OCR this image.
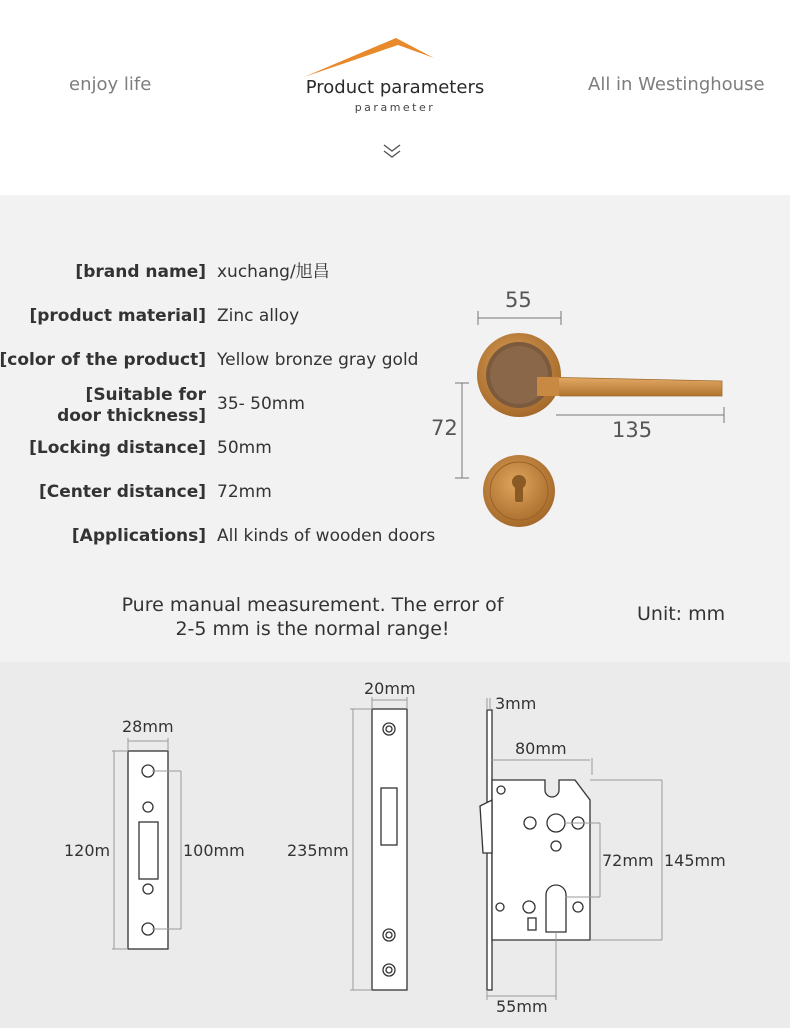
enjoy life	Product parameters
parameter
All in Westinghouse
[brand name] xuchang/旭昌
[product material] Zinc alloy
[color of the product] Yellow bronze gray gold
[Suitable for
door thickness]
35- 50mm
[Locking distance] 50mm
[Center distance] 72mm
[Applications] All kinds of wooden doors
55
72	135
Pure manual measurement. The error of
2-5 mm is the normal range!
Unit: mm
28mm
120m	100mm
20mm
235mm
3mm
80mm
72mm 145mm
55mm
